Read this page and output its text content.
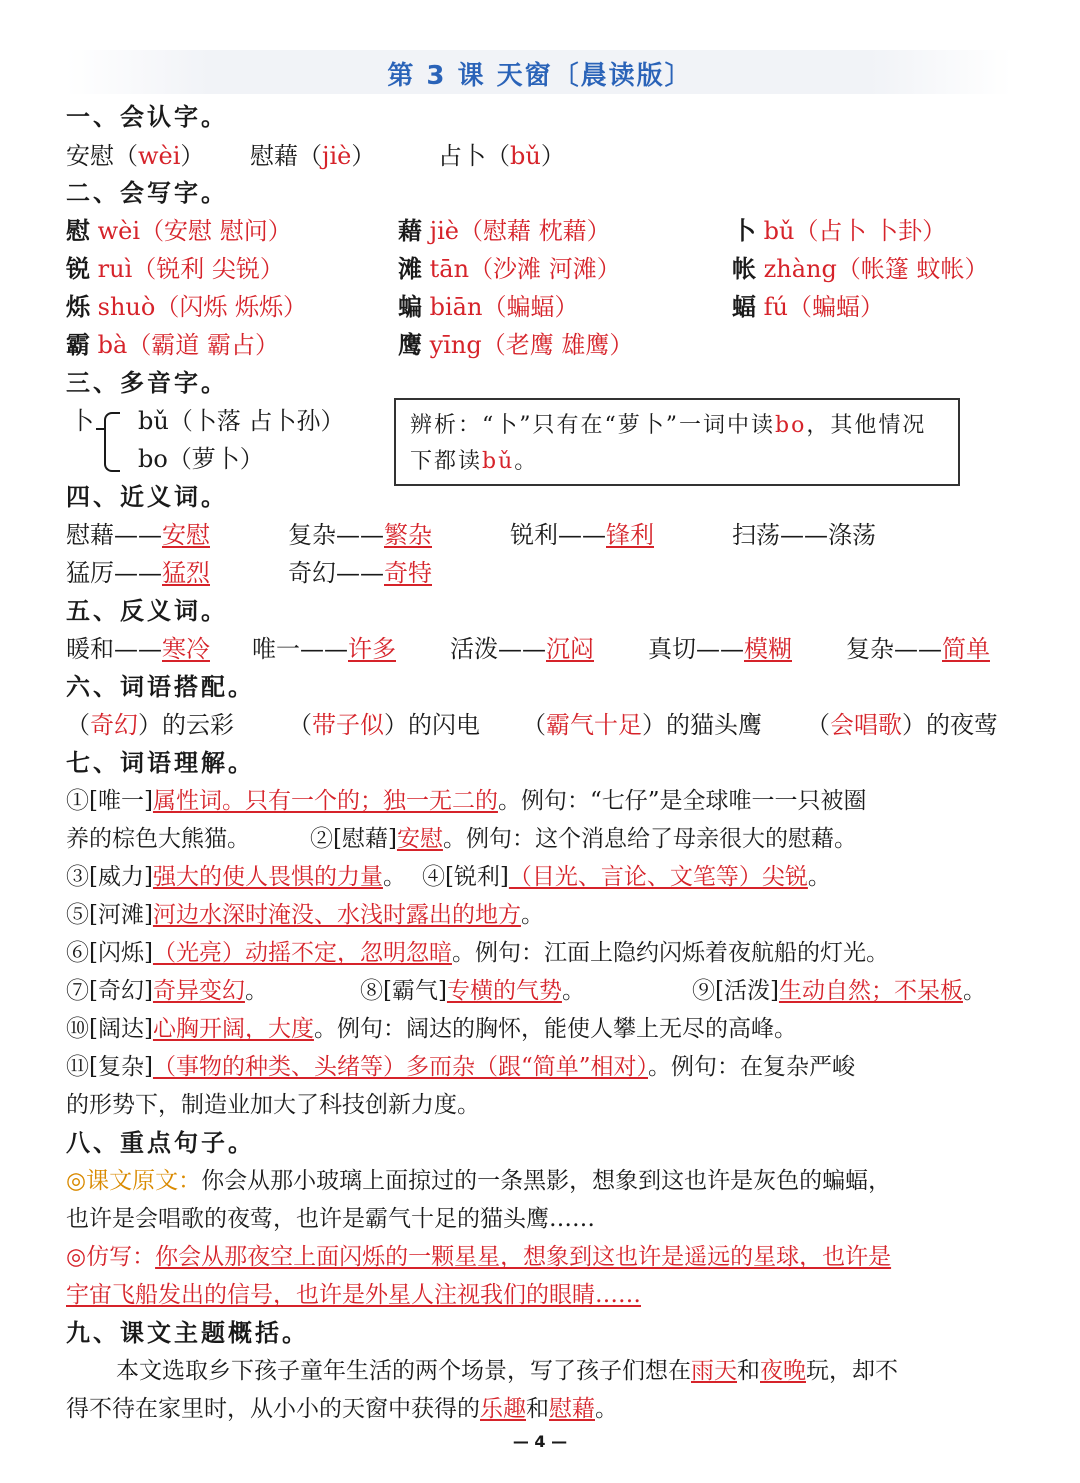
第 3 课 天窗〔晨读版〕
一、会认字。
安慰（wèi） 慰藉（jiè）	占卜（bǔ）
二、会写字。
慰 wèi（安慰 慰问）	藉 jiè（慰藉 枕藉）	卜 bǔ（占卜 卜卦）
锐 ruì（锐利 尖锐）	滩 tān（沙滩 河滩）	帐 zhàng（帐篷 蚊帐）
烁 shuò（闪烁 烁烁）	蝙 biān（蝙蝠）	蝠 fú（蝙蝠）
霸 bà（霸道 霸占）	鹰 yīng（老鹰 雄鹰）
三、多音字。
卜 bǔ（卜落 占卜孙）
bo（萝卜）
辨析：“卜”只有在“萝卜”一词中读bo，其他情况下都读bǔ。
四、近义词。
慰藉——安慰	复杂——繁杂	锐利——锋利	扫荡——涤荡
猛厉——猛烈	奇幻——奇特
五、反义词。
暖和——寒冷 唯一——许多 活泼——沉闷 真切——模糊 复杂——简单
六、词语搭配。
（奇幻）的云彩 （带子似）的闪电 （霸气十足）的猫头鹰 （会唱歌）的夜莺
七、词语理解。
①[唯一]属性词。只有一个的；独一无二的。例句：“七仔”是全球唯一一只被圈
养的棕色大熊猫。	②[慰藉]安慰。例句：这个消息给了母亲很大的慰藉。
③[威力]强大的使人畏惧的力量。 ④[锐利]（目光、言论、文笔等）尖锐。
⑤[河滩]河边水深时淹没、水浅时露出的地方。
⑥[闪烁]（光亮）动摇不定，忽明忽暗。例句：江面上隐约闪烁着夜航船的灯光。
⑦[奇幻]奇异变幻。	⑧[霸气]专横的气势。	⑨[活泼]生动自然；不呆板。
⑩[阔达]心胸开阔，大度。例句：阔达的胸怀，能使人攀上无尽的高峰。
⑪[复杂]（事物的种类、头绪等）多而杂（跟“简单”相对）。例句：在复杂严峻
的形势下，制造业加大了科技创新力度。
八、重点句子。
◎课文原文：你会从那小玻璃上面掠过的一条黑影，想象到这也许是灰色的蝙蝠，
也许是会唱歌的夜莺，也许是霸气十足的猫头鹰……
◎仿写：你会从那夜空上面闪烁的一颗星星，想象到这也许是遥远的星球，也许是
宇宙飞船发出的信号，也许是外星人注视我们的眼睛……
九、课文主题概括。
本文选取乡下孩子童年生活的两个场景，写了孩子们想在雨天和夜晚玩，却不
得不待在家里时，从小小的天窗中获得的乐趣和慰藉。
— 4 —
